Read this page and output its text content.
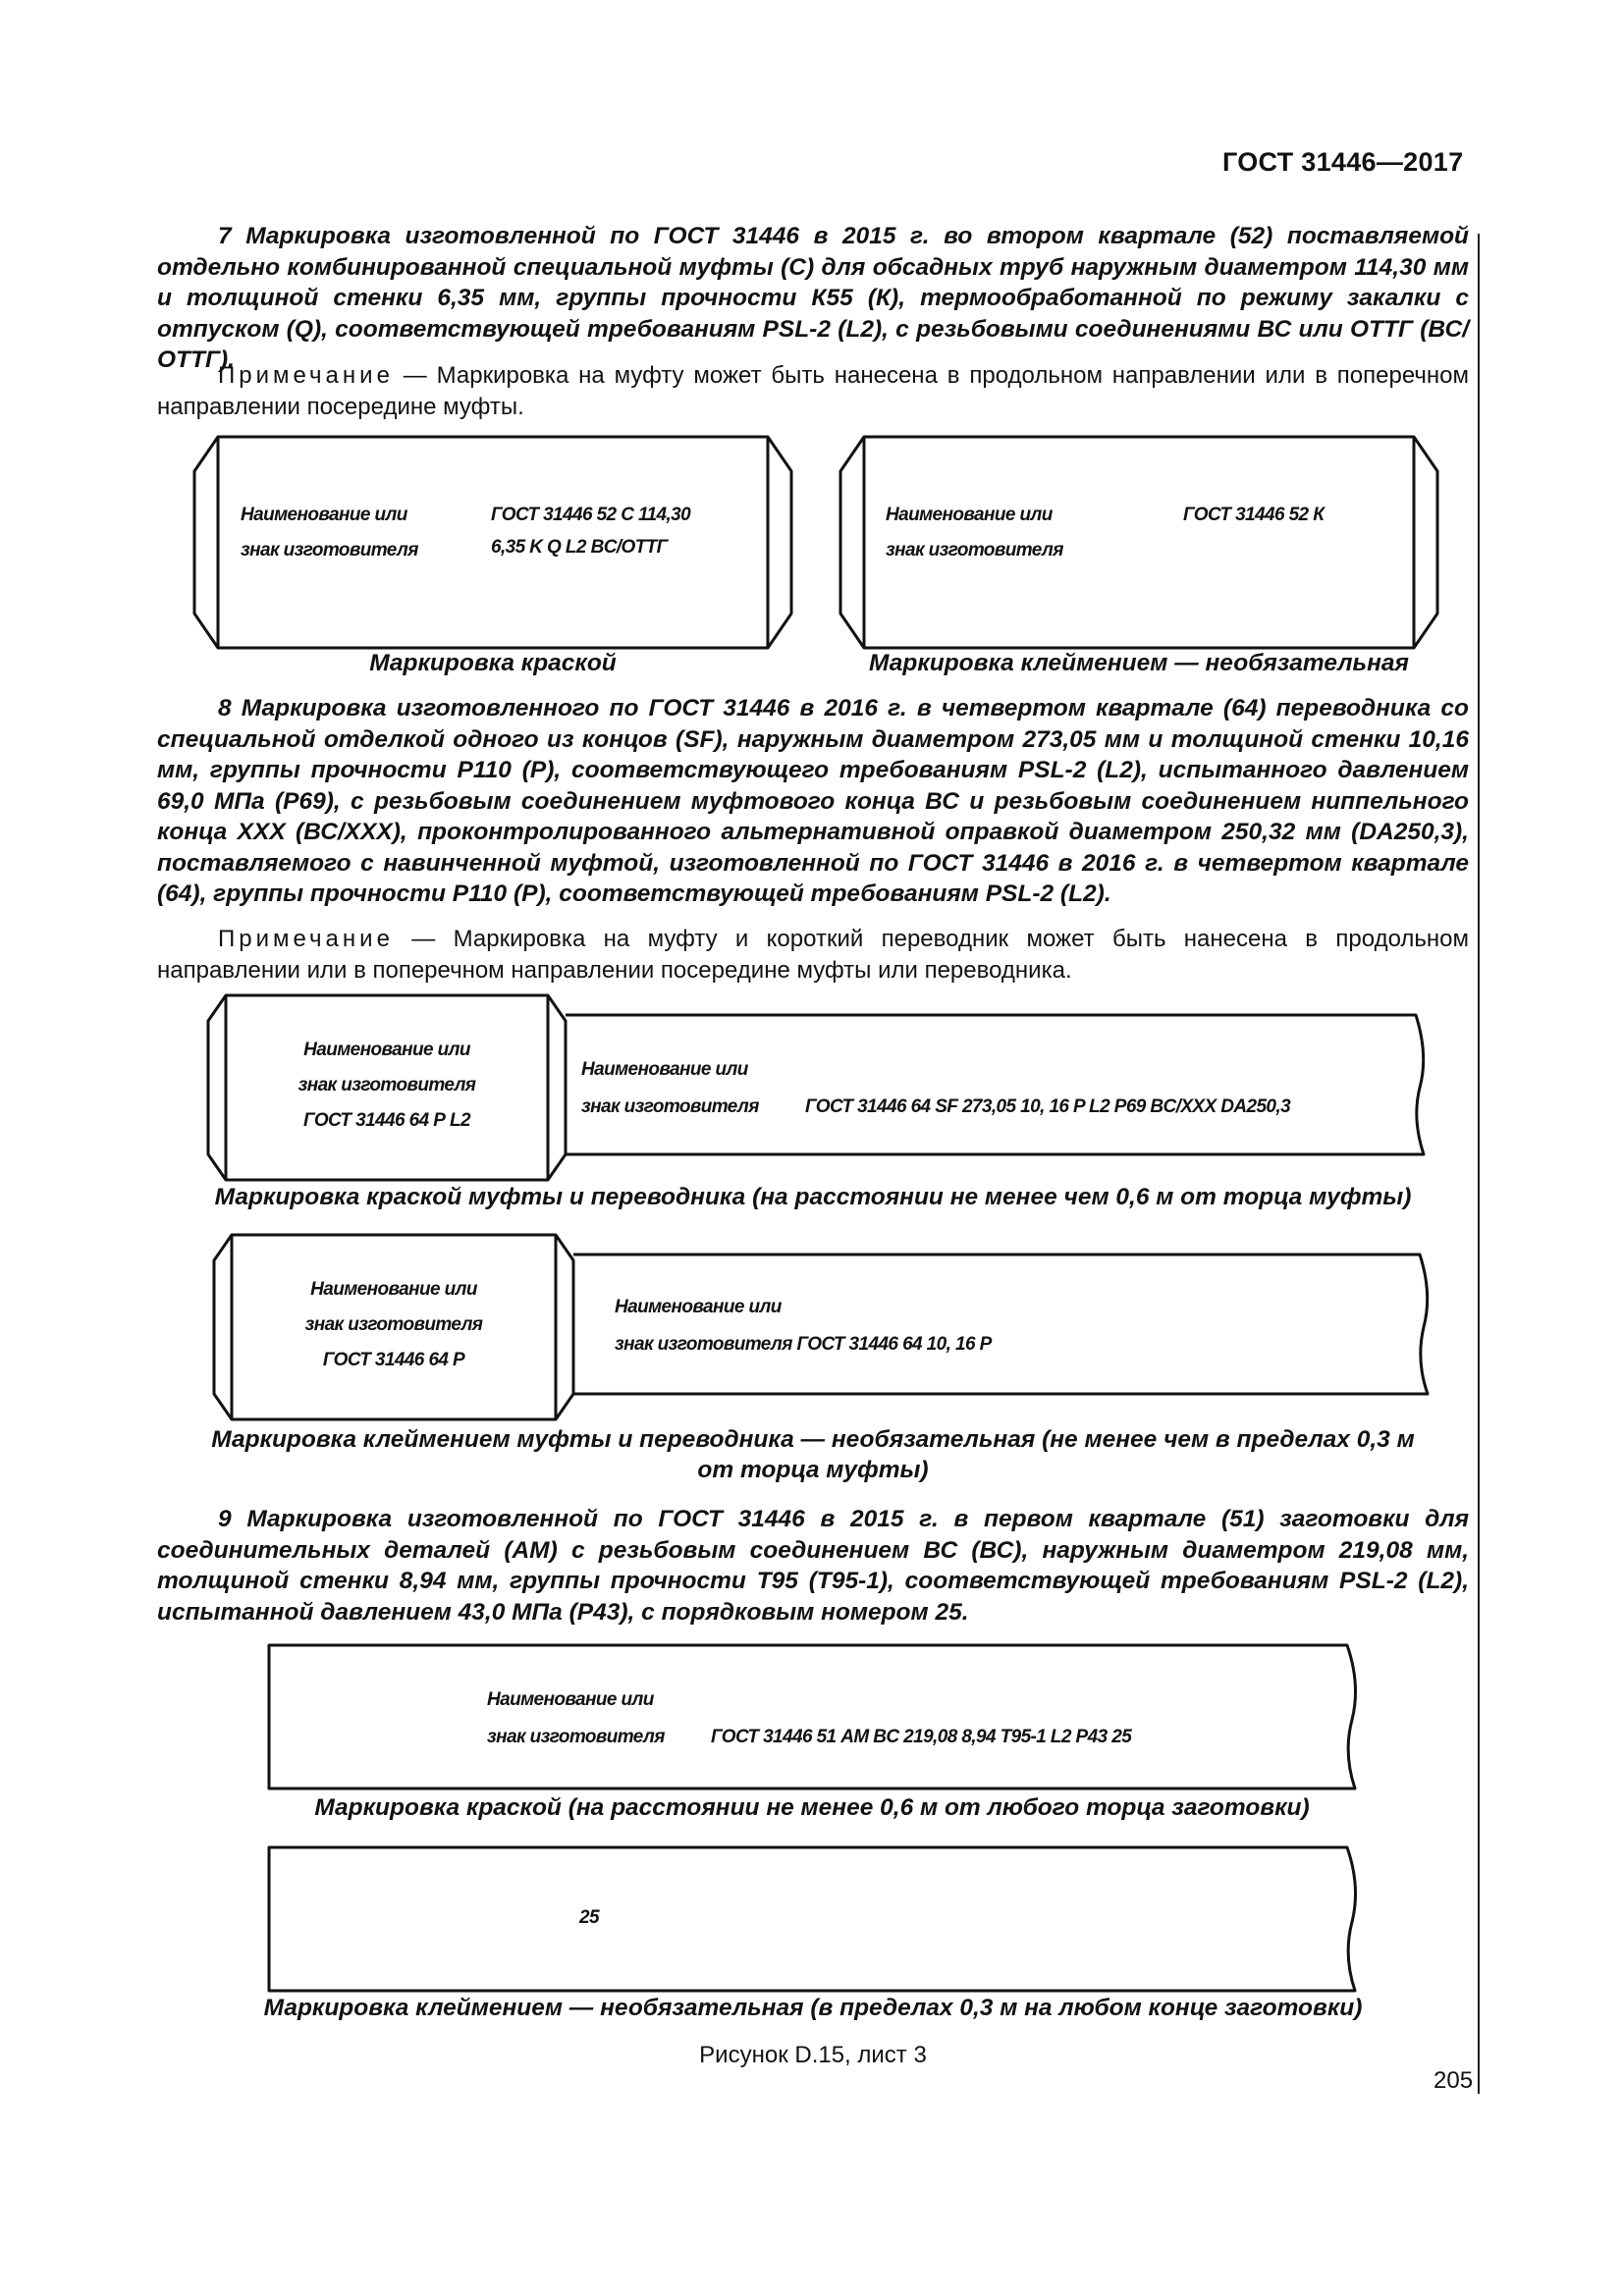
ГОСТ 31446—2017
7 Маркировка изготовленной по ГОСТ 31446 в 2015 г. во втором квартале (52) поставляемой отдельно комбинированной специальной муфты (С) для обсадных труб наружным диаметром 114,30 мм и толщиной стенки 6,35 мм, группы прочности К55 (К), термообработанной по режиму закалки с отпуском (Q), соответствующей требованиям PSL-2 (L2), с резьбовыми соединениями ВС или ОТТГ (ВС/ОТТГ).
Примечание — Маркировка на муфту может быть нанесена в продольном направлении или в поперечном направлении посередине муфты.
Наименование или
знак изготовителя
ГОСТ 31446 52 С 114,30
6,35 K Q L2 BC/ОТТГ
Наименование или
знак изготовителя
ГОСТ 31446 52 К
Маркировка краской	Маркировка клеймением — необязательная
8 Маркировка изготовленного по ГОСТ 31446 в 2016 г. в четвертом квартале (64) переводника со специальной отделкой одного из концов (SF), наружным диаметром 273,05 мм и толщиной стенки 10,16 мм, группы прочности Р110 (Р), соответствующего требованиям PSL-2 (L2), испытанного давлением 69,0 МПа (Р69), с резьбовым соединением муфтового конца ВС и резьбовым соединением ниппельного конца ХХХ (ВС/ХХХ), проконтролированного альтернативной оправкой диаметром 250,32 мм (DA250,3), поставляемого с навинченной муфтой, изготовленной по ГОСТ 31446 в 2016 г. в четвертом квартале (64), группы прочности Р110 (Р), соответствующей требованиям PSL-2 (L2).
Примечание — Маркировка на муфту и короткий переводник может быть нанесена в продольном направлении или в поперечном направлении посередине муфты или переводника.
Наименование или
знак изготовителя
ГОСТ 31446 64 Р L2
Наименование или
знак изготовителя ГОСТ 31446 64 SF 273,05 10, 16 P L2 P69 BC/XXX DA250,3
Маркировка краской муфты и переводника (на расстоянии не менее чем 0,6 м от торца муфты)
Наименование или
знак изготовителя
ГОСТ 31446 64 Р
Наименование или
знак изготовителя ГОСТ 31446 64 10, 16 P
Маркировка клеймением муфты и переводника — необязательная (не менее чем в пределах 0,3 м
от торца муфты)
9 Маркировка изготовленной по ГОСТ 31446 в 2015 г. в первом квартале (51) заготовки для соединительных деталей (AM) с резьбовым соединением ВС (ВС), наружным диаметром 219,08 мм, толщиной стенки 8,94 мм, группы прочности Т95 (Т95-1), соответствующей требованиям PSL-2 (L2), испытанной давлением 43,0 МПа (Р43), с порядковым номером 25.
Наименование или
знак изготовителя ГОСТ 31446 51 AM BC 219,08 8,94 T95-1 L2 P43 25
Маркировка краской (на расстоянии не менее 0,6 м от любого торца заготовки)
25
Маркировка клеймением — необязательная (в пределах 0,3 м на любом конце заготовки)
Рисунок D.15, лист 3
205
